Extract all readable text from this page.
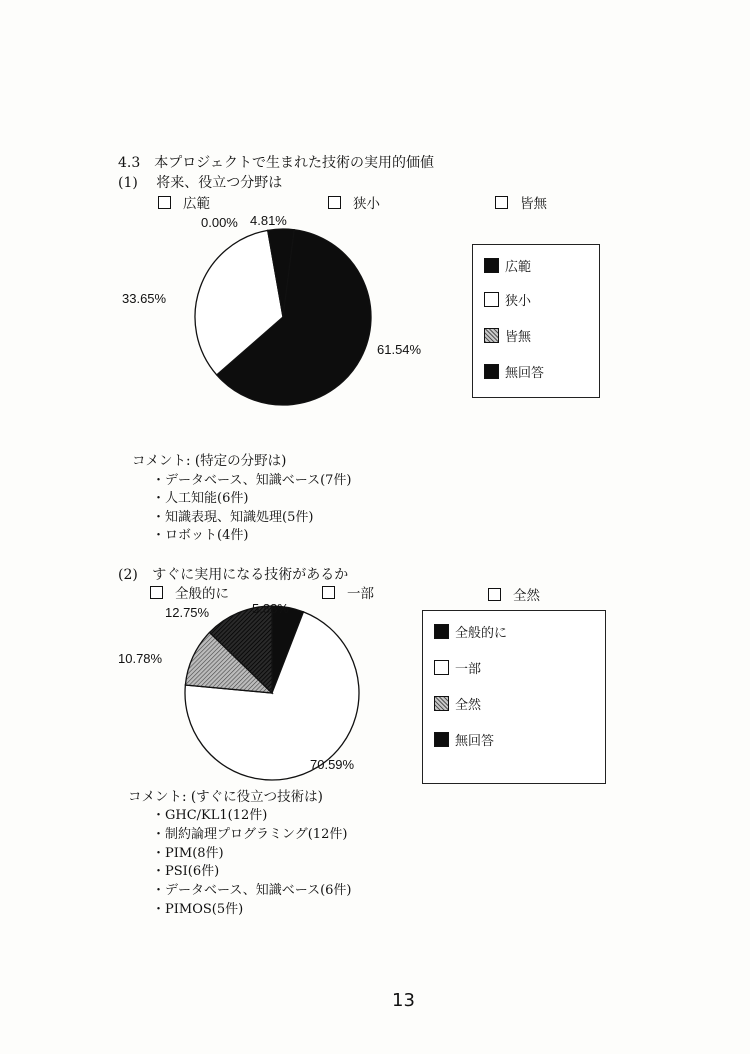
4.3　本プロジェクトで生まれた技術の実用的価値
(1) 将来、役立つ分野は
広範	狭小	皆無
0.00% 4.81%
33.65%
61.54%
広範
狭小
皆無
無回答
コメント: (特定の分野は)
・データベース、知識ベース(7件)
・人工知能(6件)
・知識表現、知識処理(5件)
・ロボット(4件)
(2) すぐに実用になる技術があるか
全般的に	一部	全然
12.75%	5.88%
10.78%
70.59%
全般的に
一部
全然
無回答
コメント: (すぐに役立つ技術は)
・GHC/KL1(12件)
・制約論理プログラミング(12件)
・PIM(8件)
・PSI(6件)
・データベース、知識ベース(6件)
・PIMOS(5件)
13
